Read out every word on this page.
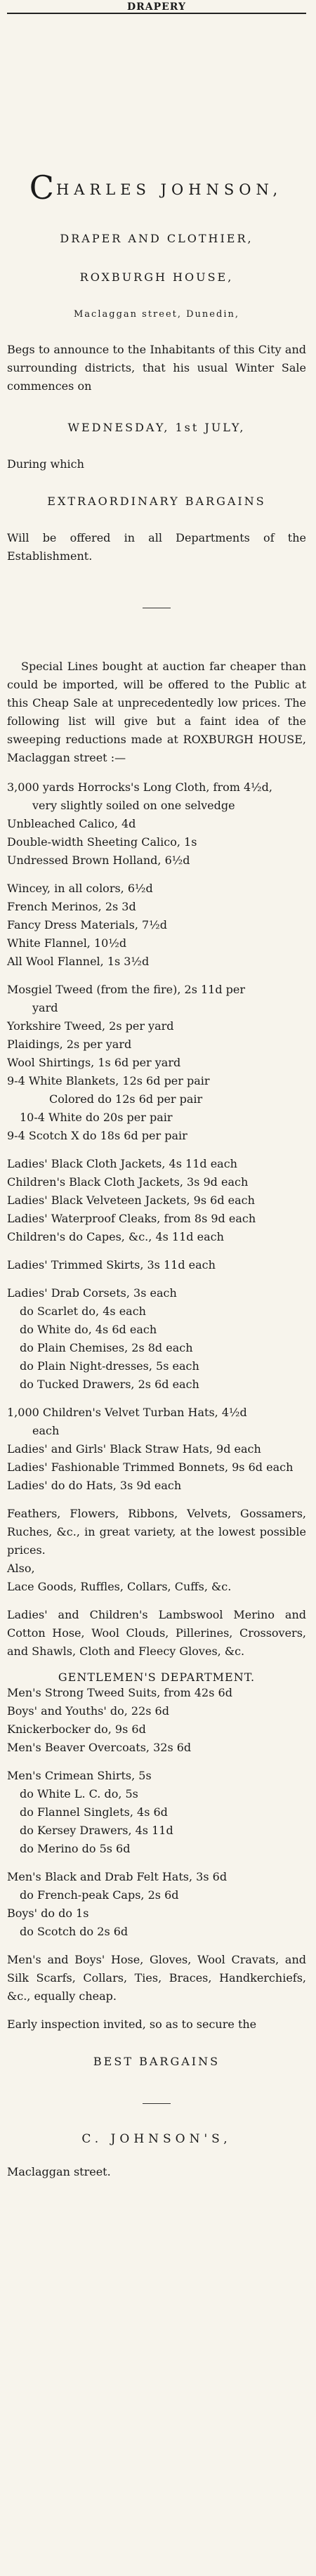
DRAPERY
CHARLES JOHNSON,
DRAPER AND CLOTHIER,
ROXBURGH HOUSE,
Maclaggan street, Dunedin,
Begs to announce to the Inhabitants of this City and surrounding districts, that his usual Winter Sale commences on
WEDNESDAY, 1st JULY,
During which
EXTRAORDINARY BARGAINS
Will be offered in all Departments of the Establishment.
Special Lines bought at auction far cheaper than could be imported, will be offered to the Public at this Cheap Sale at unprecedentedly low prices. The following list will give but a faint idea of the sweeping reductions made at ROXBURGH HOUSE, Maclaggan street :—
3,000 yards Horrocks's Long Cloth, from 4½d,
very slightly soiled on one selvedge
Unbleached Calico, 4d
Double-width Sheeting Calico, 1s
Undressed Brown Holland, 6½d
Wincey, in all colors, 6½d
French Merinos, 2s 3d
Fancy Dress Materials, 7½d
White Flannel, 10½d
All Wool Flannel, 1s 3½d
Mosgiel Tweed (from the fire), 2s 11d per
yard
Yorkshire Tweed, 2s per yard
Plaidings, 2s per yard
Wool Shirtings, 1s 6d per yard
9-4 White Blankets, 12s 6d per pair
Colored do 12s 6d per pair
10-4 White do 20s per pair
9-4 Scotch X do 18s 6d per pair
Ladies' Black Cloth Jackets, 4s 11d each
Children's Black Cloth Jackets, 3s 9d each
Ladies' Black Velveteen Jackets, 9s 6d each
Ladies' Waterproof Cleaks, from 8s 9d each
Children's do Capes, &c., 4s 11d each
Ladies' Trimmed Skirts, 3s 11d each
Ladies' Drab Corsets, 3s each
do Scarlet do, 4s each
do White do, 4s 6d each
do Plain Chemises, 2s 8d each
do Plain Night-dresses, 5s each
do Tucked Drawers, 2s 6d each
1,000 Children's Velvet Turban Hats, 4½d
each
Ladies' and Girls' Black Straw Hats, 9d each
Ladies' Fashionable Trimmed Bonnets, 9s 6d each
Ladies' do do Hats, 3s 9d each
Feathers, Flowers, Ribbons, Velvets, Gossamers, Ruches, &c., in great variety, at the lowest possible prices.
Also,
Lace Goods, Ruffles, Collars, Cuffs, &c.
Ladies' and Children's Lambswool Merino and Cotton Hose, Wool Clouds, Pillerines, Crossovers, and Shawls, Cloth and Fleecy Gloves, &c.
GENTLEMEN'S DEPARTMENT.
Men's Strong Tweed Suits, from 42s 6d
Boys' and Youths' do, 22s 6d
Knickerbocker do, 9s 6d
Men's Beaver Overcoats, 32s 6d
Men's Crimean Shirts, 5s
do White L. C. do, 5s
do Flannel Singlets, 4s 6d
do Kersey Drawers, 4s 11d
do Merino do 5s 6d
Men's Black and Drab Felt Hats, 3s 6d
do French-peak Caps, 2s 6d
Boys' do do 1s
do Scotch do 2s 6d
Men's and Boys' Hose, Gloves, Wool Cravats, and Silk Scarfs, Collars, Ties, Braces, Handkerchiefs, &c., equally cheap.
Early inspection invited, so as to secure the
BEST BARGAINS
C. JOHNSON'S,
Maclaggan street.
